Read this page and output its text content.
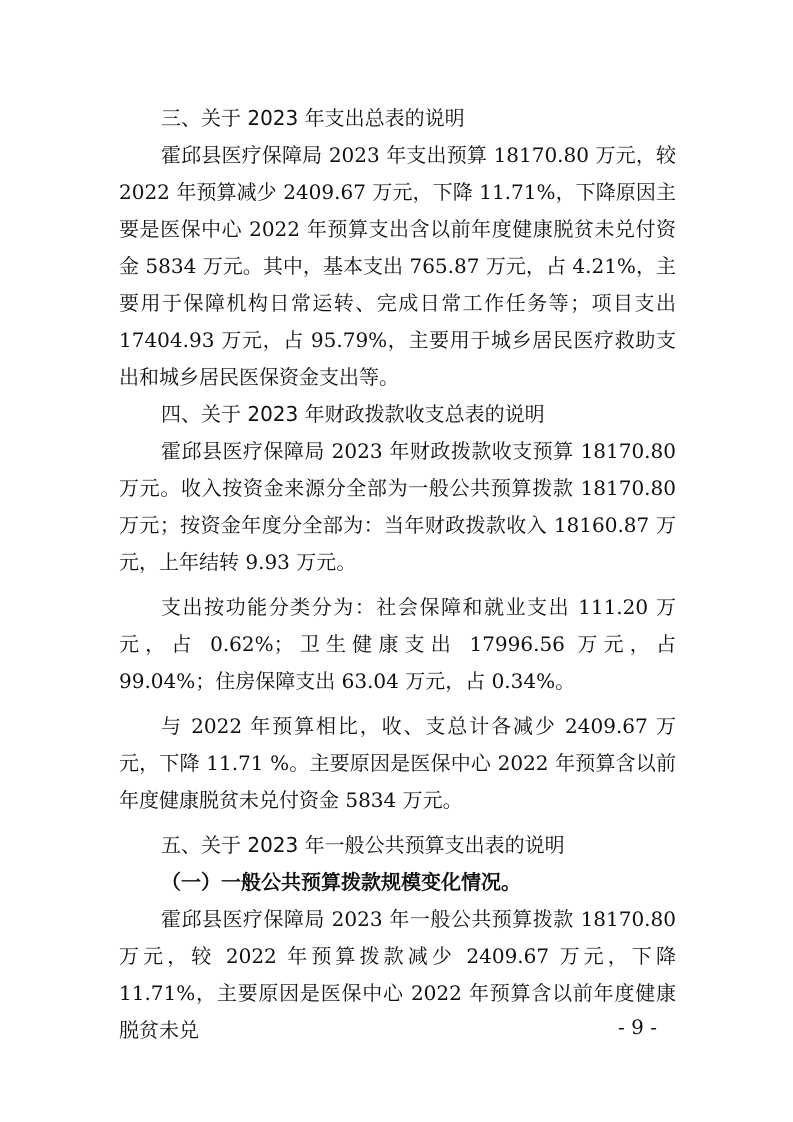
三、关于 2023 年支出总表的说明

霍邱县医疗保障局 2023 年支出预算 18170.80 万元，较 2022 年预算减少 2409.67 万元，下降 11.71%，下降原因主要是医保中心 2022 年预算支出含以前年度健康脱贫未兑付资金 5834 万元。其中，基本支出 765.87 万元，占 4.21%，主要用于保障机构日常运转、完成日常工作任务等；项目支出 17404.93 万元，占 95.79%，主要用于城乡居民医疗救助支出和城乡居民医保资金支出等。

四、关于 2023 年财政拨款收支总表的说明

霍邱县医疗保障局 2023 年财政拨款收支预算 18170.80 万元。收入按资金来源分全部为一般公共预算拨款 18170.80 万元；按资金年度分全部为：当年财政拨款收入 18160.87 万元，上年结转 9.93 万元。

支出按功能分类分为：社会保障和就业支出 111.20 万元，占 0.62%；卫生健康支出 17996.56 万元，占 99.04%；住房保障支出 63.04 万元，占 0.34%。

与 2022 年预算相比，收、支总计各减少 2409.67 万元，下降 11.71 %。主要原因是医保中心 2022 年预算含以前年度健康脱贫未兑付资金 5834 万元。

五、关于 2023 年一般公共预算支出表的说明

（一）一般公共预算拨款规模变化情况。

霍邱县医疗保障局 2023 年一般公共预算拨款 18170.80 万元，较 2022 年预算拨款减少 2409.67 万元，下降 11.71%，主要原因是医保中心 2022 年预算含以前年度健康脱贫未兑	- 9 -
